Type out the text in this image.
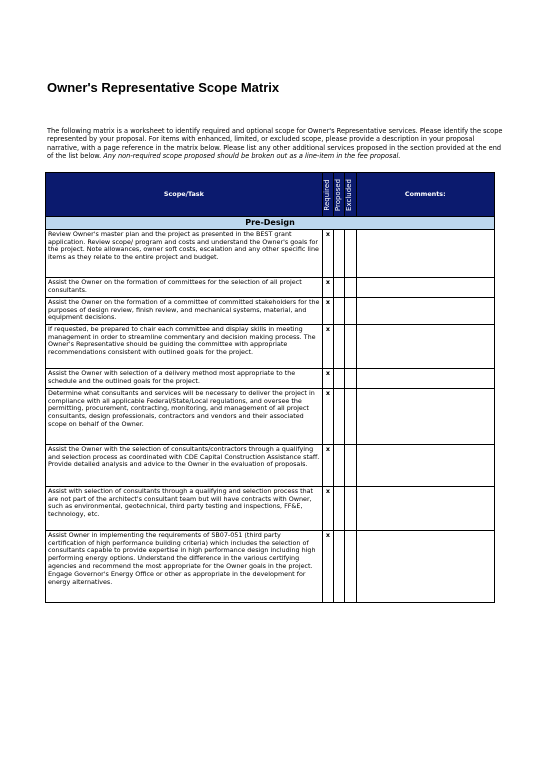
Owner's Representative Scope Matrix
The following matrix is a worksheet to identify required and optional scope for Owner's Representative services. Please identify the scope represented by your proposal. For items with enhanced, limited, or excluded scope, please provide a description in your proposal narrative, with a page reference in the matrix below. Please list any other additional services proposed in the section provided at the end of the list below. Any non-required scope proposed should be broken out as a line-item in the fee proposal.
Scope/Task	Required	Proposed	Excluded	Comments:
Pre-Design				
Review Owner's master plan and the project as presented in the BEST grant application. Review scope/ program and costs and understand the Owner's goals for the project. Note allowances, owner soft costs, escalation and any other specific line items as they relate to the entire project and budget.	x			
Assist the Owner on the formation of committees for the selection of all project consultants.	x			
Assist the Owner on the formation of a committee of committed stakeholders for the purposes of design review, finish review, and mechanical systems, material, and equipment decisions.	x			
If requested, be prepared to chair each committee and display skills in meeting management in order to streamline commentary and decision making process. The Owner's Representative should be guiding the committee with appropriate recommendations consistent with outlined goals for the project.	x			
Assist the Owner with selection of a delivery method most appropriate to the schedule and the outlined goals for the project.	x			
Determine what consultants and services will be necessary to deliver the project in compliance with all applicable Federal/State/Local regulations, and oversee the permitting, procurement, contracting, monitoring, and management of all project consultants, design professionals, contractors and vendors and their associated scope on behalf of the Owner.	x			
Assist the Owner with the selection of consultants/contractors through a qualifying and selection process as coordinated with CDE Capital Construction Assistance staff. Provide detailed analysis and advice to the Owner in the evaluation of proposals.	x			
Assist with selection of consultants through a qualifying and selection process that are not part of the architect's consultant team but will have contracts with Owner, such as environmental, geotechnical, third party testing and inspections, FF&E, technology, etc.	x			
Assist Owner in implementing the requirements of SB07-051 (third party certification of high performance building criteria) which includes the selection of consultants capable to provide expertise in high performance design including high performing energy options. Understand the difference in the various certifying agencies and recommend the most appropriate for the Owner goals in the project. Engage Governor's Energy Office or other as appropriate in the development for energy alternatives.	x			
